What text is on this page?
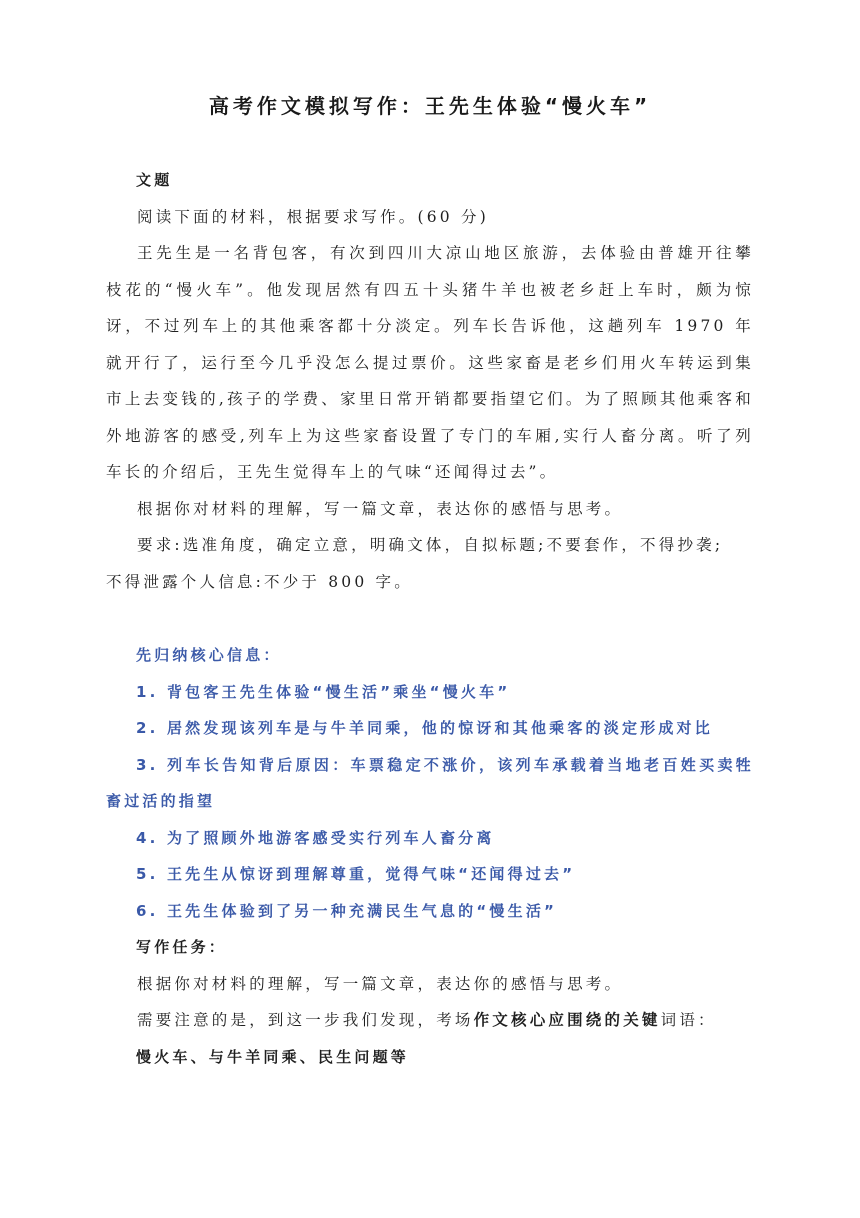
高考作文模拟写作：王先生体验“慢火车”

文题

阅读下面的材料，根据要求写作。(60 分)

王先生是一名背包客，有次到四川大凉山地区旅游，去体验由普雄开往攀枝花的“慢火车”。他发现居然有四五十头猪牛羊也被老乡赶上车时，颇为惊讶，不过列车上的其他乘客都十分淡定。列车长告诉他，这趟列车 1970 年就开行了，运行至今几乎没怎么提过票价。这些家畜是老乡们用火车转运到集市上去变钱的,孩子的学费、家里日常开销都要指望它们。为了照顾其他乘客和外地游客的感受,列车上为这些家畜设置了专门的车厢,实行人畜分离。听了列车长的介绍后，王先生觉得车上的气味“还闻得过去”。

根据你对材料的理解，写一篇文章，表达你的感悟与思考。

要求:选准角度，确定立意，明确文体，自拟标题;不要套作，不得抄袭;

不得泄露个人信息:不少于 800 字。

先归纳核心信息：

1. 背包客王先生体验“慢生活”乘坐“慢火车”

2. 居然发现该列车是与牛羊同乘，他的惊讶和其他乘客的淡定形成对比

3. 列车长告知背后原因：车票稳定不涨价，该列车承载着当地老百姓买卖牲畜过活的指望

4. 为了照顾外地游客感受实行列车人畜分离

5. 王先生从惊讶到理解尊重，觉得气味“还闻得过去”

6. 王先生体验到了另一种充满民生气息的“慢生活”

写作任务：

根据你对材料的理解，写一篇文章，表达你的感悟与思考。

需要注意的是，到这一步我们发现，考场作文核心应围绕的关键词语：

慢火车、与牛羊同乘、民生问题等
